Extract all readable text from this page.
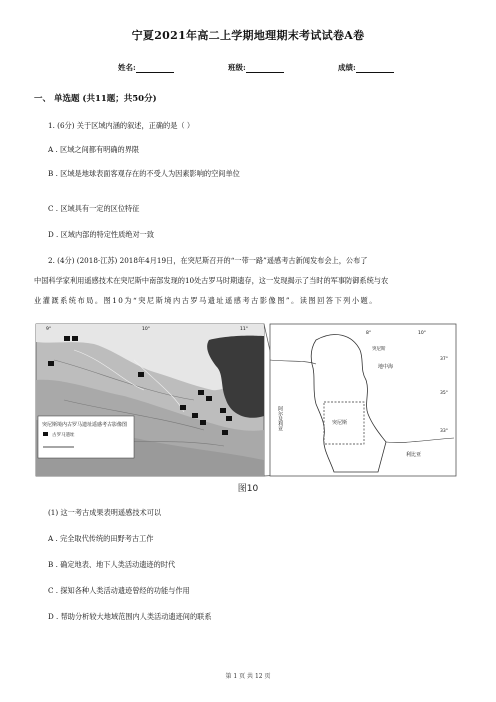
宁夏2021年高二上学期地理期末考试试卷A卷
姓名:	班级:	成绩:
一、 单选题 (共11题；共50分)
1. (6分) 关于区域内涵的叙述，正确的是（ ）
A . 区域之间都有明确的界限
B . 区域是地球表面客观存在的不受人为因素影响的空间单位
C . 区域具有一定的区位特征
D . 区域内部的特定性质绝对一致
2. (4分) (2018·江苏) 2018年4月19日，在突尼斯召开的“一带一路”遥感考古新闻发布会上，公布了
中国科学家利用遥感技术在突尼斯中南部发现的10处古罗马时期遗存，这一发现揭示了当时的军事防御系统与农
业灌溉系统布局。图10为“突尼斯境内古罗马遗址遥感考古影像图”。读图回答下列小题。
突尼斯境内古罗马遗址遥感考古影像图
古罗马遗址
9°	10°	11°
8°	10°
37°
35°
33°
突尼斯
地中海
突尼斯
阿尔及利亚
利比亚
图10
(1) 这一考古成果表明遥感技术可以
A . 完全取代传统的田野考古工作
B . 确定地表、地下人类活动遗迹的时代
C . 探知各种人类活动遗迹曾经的功能与作用
D . 帮助分析较大地域范围内人类活动遗迹间的联系
第 1 页 共 12 页
